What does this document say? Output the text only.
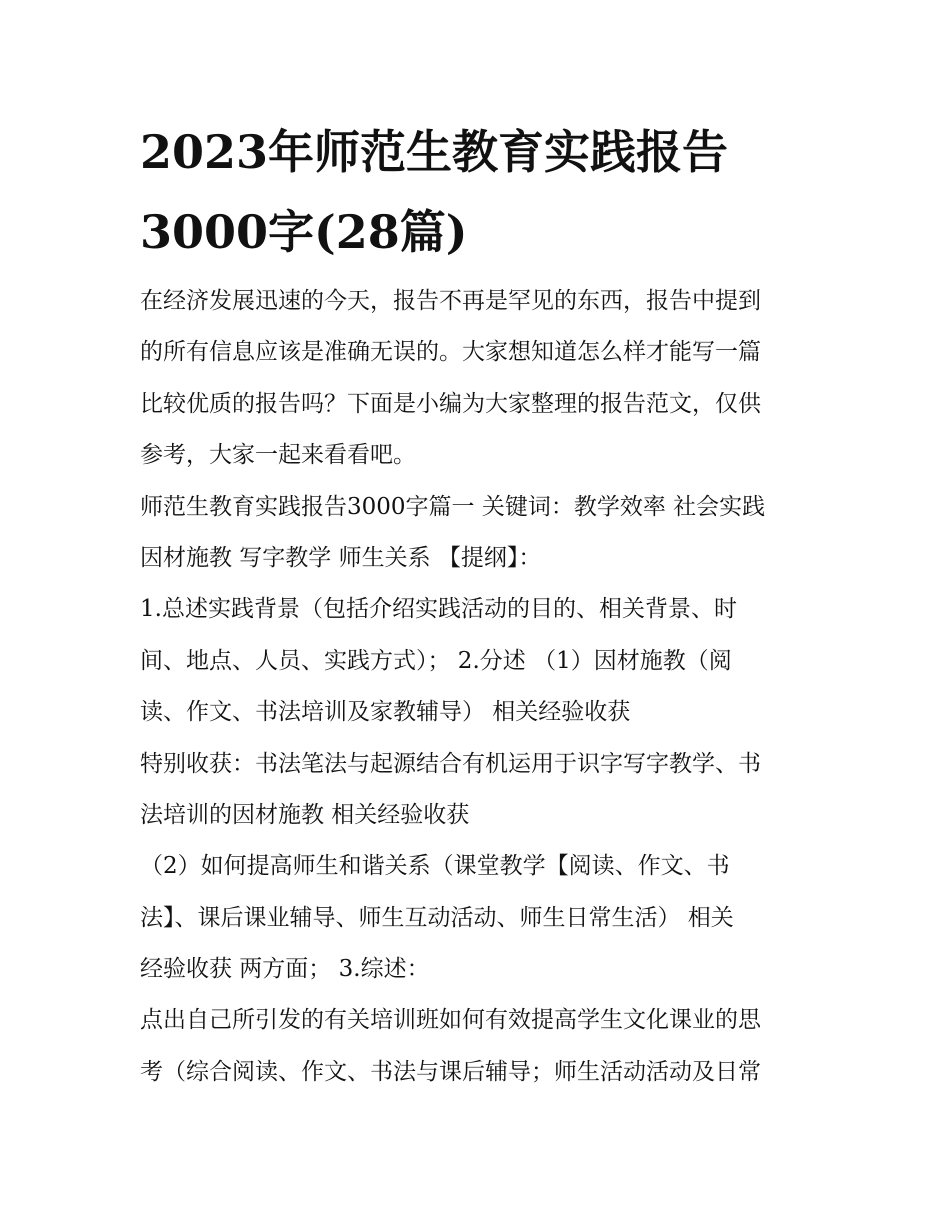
2023年师范生教育实践报告
3000字(28篇)
在经济发展迅速的今天，报告不再是罕见的东西，报告中提到
的所有信息应该是准确无误的。大家想知道怎么样才能写一篇
比较优质的报告吗？下面是小编为大家整理的报告范文，仅供
参考，大家一起来看看吧。
师范生教育实践报告3000字篇一 关键词：教学效率 社会实践
因材施教 写字教学 师生关系 【提纲】：
1.总述实践背景（包括介绍实践活动的目的、相关背景、时
间、地点、人员、实践方式）； 2.分述 （1）因材施教（阅
读、作文、书法培训及家教辅导） 相关经验收获
特别收获：书法笔法与起源结合有机运用于识字写字教学、书
法培训的因材施教 相关经验收获
（2）如何提高师生和谐关系（课堂教学【阅读、作文、书
法】、课后课业辅导、师生互动活动、师生日常生活） 相关
经验收获 两方面； 3.综述：
点出自己所引发的有关培训班如何有效提高学生文化课业的思
考（综合阅读、作文、书法与课后辅导；师生活动活动及日常
